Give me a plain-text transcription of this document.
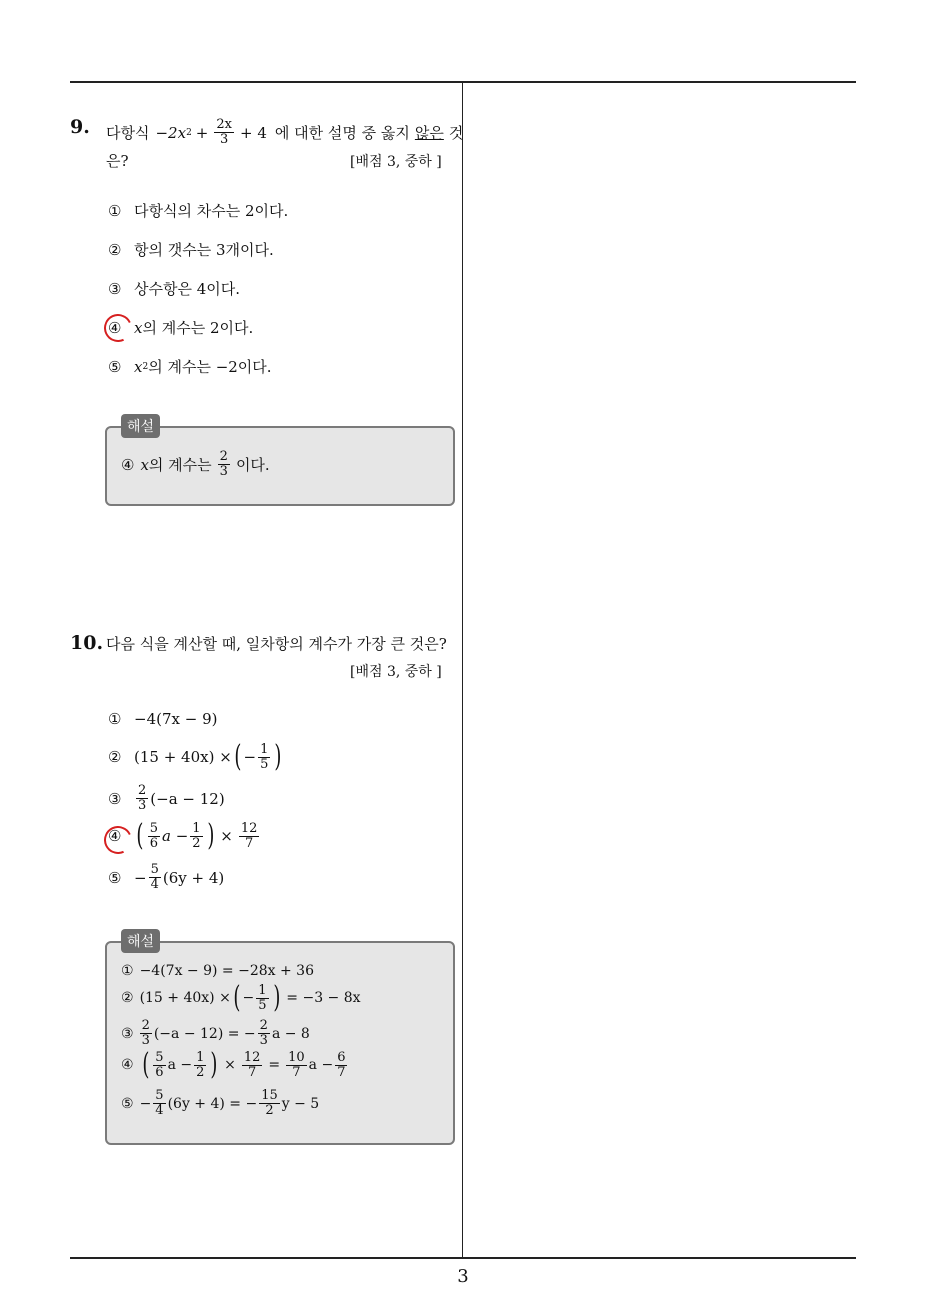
9. 다항식 −2x $2 + \frac{2x}{3} + 4$ 에 대한 설명 중 옳지 않은 것
은?	[배점 3, 중하 ]
① 다항식의 차수는 2이다.
② 항의 갯수는 3개이다.
③ 상수항은 4이다.
④ x 의 계수는 2이다.
⑤ x 2 의 계수는 −2이다.
해설
④ x 의 계수는 $\frac{2}{3}$ 이다.
10. 다음 식을 계산할 때, 일차항의 계수가 가장 큰 것은?
[배점 3, 중하 ]
① −4(7x − 9)
② (15 + 40x) × ( − $\frac{1}{5}$ )
③	$\frac{2}{3} (-a - 12)$
④ ( $\frac{5}{6}$ $a - \frac{1}{2}$ ) × $\frac{12}{7}$
⑤ − $\frac{5}{4} (6y + 4)$
해설
① −4(7x − 9) = −28x + 36
② (15 + 40x) × ( − $\frac{1}{5}$ ) = −3 − 8x
③ $\frac{2}{3} (-a - 12)$ = − $\frac{2}{3}$ a − 8
④ ( $\frac{5}{6}$ $a - \frac{1}{2}$ ) × $\frac{12}{7} = \frac{10}{7}$ $a - \frac{6}{7}$
⑤ − $\frac{5}{4} (6y + 4)$ = − $\frac{15}{2}$ y − 5
3
